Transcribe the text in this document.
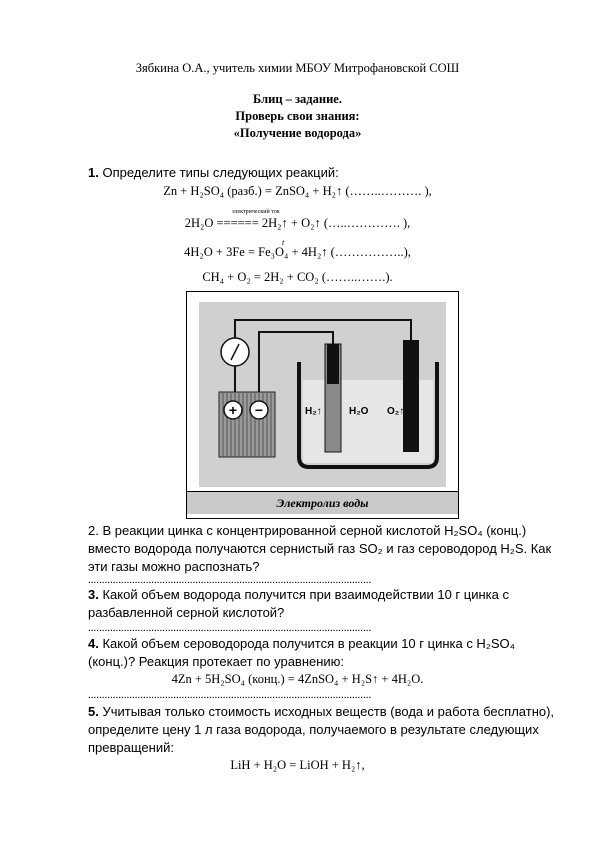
Зябкина О.А., учитель химии МБОУ Митрофановской СОШ
Блиц – задание.
Проверь свои знания:
«Получение водорода»
1. Определите типы следующих реакций:
Zn + H₂SO₄ (разб.) = ZnSO₄ + H₂↑ (……..………. ),
электрический ток
2H₂O ====== 2H₂↑ + O₂↑ (…..…………. ),
t
4H₂O + 3Fe = Fe₃O₄ + 4H₂↑ (……………..),
CH₄ + O₂ = 2H₂ + CO₂ (……..…….).
+ −	H₂↑	H₂O O₂↑
Электролиз воды
2. В реакции цинка с концентрированной серной кислотой H₂SO₄ (конц.) вместо водорода получаются сернистый газ SO₂ и газ сероводород H₂S. Как эти газы можно распознать?
.......................................................................................................
3. Какой объем водорода получится при взаимодействии 10 г цинка с разбавленной серной кислотой?
.......................................................................................................
4. Какой объем сероводорода получится в реакции 10 г цинка с H₂SO₄ (конц.)? Реакция протекает по уравнению:
4Zn + 5H₂SO₄ (конц.) = 4ZnSO₄ + H₂S↑ + 4H₂O.
.......................................................................................................
5. Учитывая только стоимость исходных веществ (вода и работа бесплатно), определите цену 1 л газа водорода, получаемого в результате следующих превращений:
LiH + H₂O = LiOH + H₂↑,
